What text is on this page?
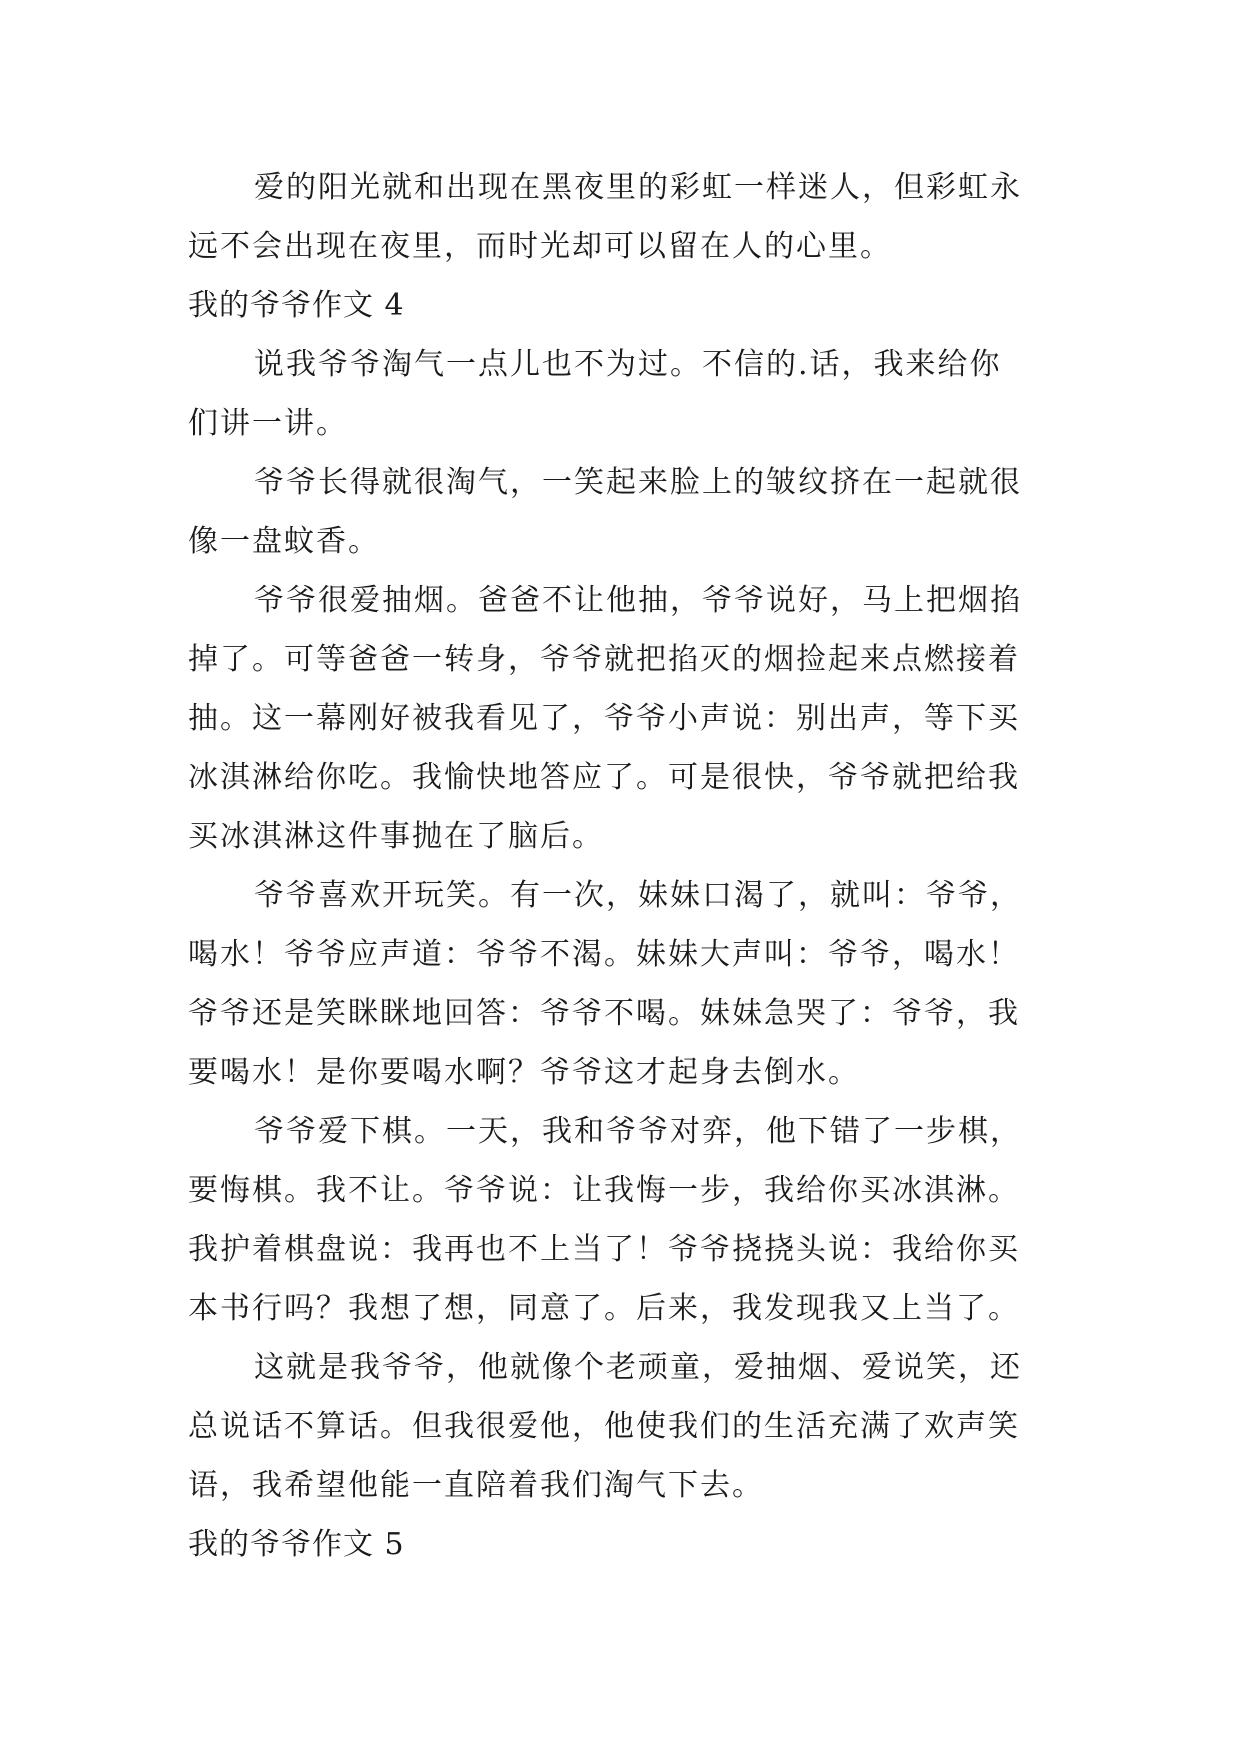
爱的阳光就和出现在黑夜里的彩虹一样迷人，但彩虹永
远不会出现在夜里，而时光却可以留在人的心里。
我的爷爷作文 4
说我爷爷淘气一点儿也不为过。不信的.话，我来给你
们讲一讲。
爷爷长得就很淘气，一笑起来脸上的皱纹挤在一起就很
像一盘蚊香。
爷爷很爱抽烟。爸爸不让他抽，爷爷说好，马上把烟掐
掉了。可等爸爸一转身，爷爷就把掐灭的烟捡起来点燃接着
抽。这一幕刚好被我看见了，爷爷小声说：别出声，等下买
冰淇淋给你吃。我愉快地答应了。可是很快，爷爷就把给我
买冰淇淋这件事抛在了脑后。
爷爷喜欢开玩笑。有一次，妹妹口渴了，就叫：爷爷，
喝水！爷爷应声道：爷爷不渴。妹妹大声叫：爷爷，喝水！
爷爷还是笑眯眯地回答：爷爷不喝。妹妹急哭了：爷爷，我
要喝水！是你要喝水啊？爷爷这才起身去倒水。
爷爷爱下棋。一天，我和爷爷对弈，他下错了一步棋，
要悔棋。我不让。爷爷说：让我悔一步，我给你买冰淇淋。
我护着棋盘说：我再也不上当了！爷爷挠挠头说：我给你买
本书行吗？我想了想，同意了。后来，我发现我又上当了。
这就是我爷爷，他就像个老顽童，爱抽烟、爱说笑，还
总说话不算话。但我很爱他，他使我们的生活充满了欢声笑
语，我希望他能一直陪着我们淘气下去。
我的爷爷作文 5
